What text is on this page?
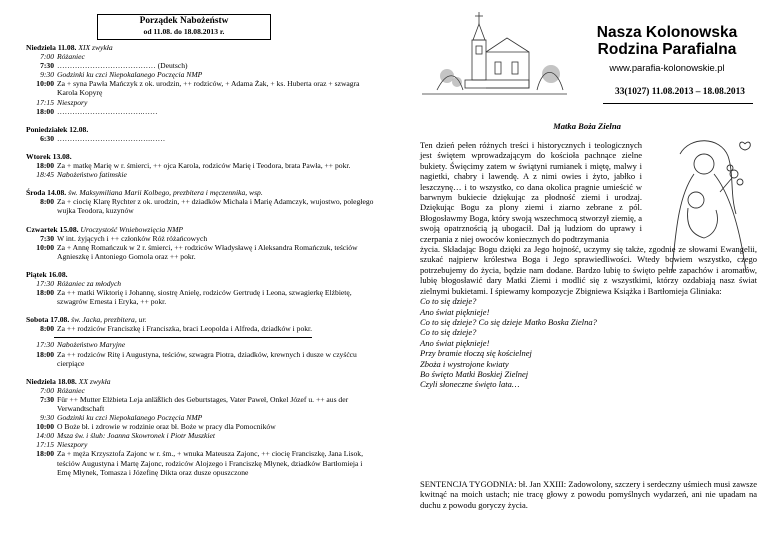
Porządek Nabożeństw
od 11.08. do 18.08.2013 r.
Niedziela 11.08. XIX zwykła
7:00 Różaniec
7:30 ………………………………… (Deutsch)
9:30 Godzinki ku czci Niepokalanego Poczęcia NMP
10:00 Za + syna Pawła Mańczyk z ok. urodzin, ++ rodziców, + Adama Żak, + ks. Huberta oraz + szwagra Karola Kopyrę
17:15 Nieszpory
18:00 …………………………….……
Poniedziałek 12.08.
6:30 ……………………………….……
Wtorek 13.08.
18:00 Za + matkę Marię w r. śmierci, ++ ojca Karola, rodziców Marię i Teodora, brata Pawła, ++ pokr.
18:45 Nabożeństwo fatimskie
Środa 14.08. św. Maksymiliana Marii Kolbego, prezbitera i męczennika, wsp.
8:00 Za + ciocię Klarę Rychter z ok. urodzin, ++ dziadków Michała i Marię Adamczyk, wujostwo, poległego wujka Teodora, kuzynów
Czwartek 15.08. Uroczystość Wniebowzięcia NMP
7:30 W int. żyjących i ++ członków Róż różańcowych
10:00 Za + Annę Romańczuk w 2 r. śmierci, ++ rodziców Władysławę i Aleksandra Romańczuk, teściów Agnieszkę i Antoniego Gomola oraz ++ pokr.
Piątek 16.08.
17:30 Różaniec za młodych
18:00 Za ++ matki Wiktorię i Johannę, siostrę Anielę, rodziców Gertrudę i Leona, szwagierkę Elżbietę, szwagrów Ernesta i Eryka, ++ pokr.
Sobota 17.08. św. Jacka, prezbitera, ur.
8:00 Za ++ rodziców Franciszkę i Franciszka, braci Leopolda i Alfreda, dziadków i pokr.
17:30 Nabożeństwo Maryjne
18:00 Za ++ rodziców Ritę i Augustyna, teściów, szwagra Piotra, dziadków, krewnych i dusze w czyśćcu cierpiące
Niedziela 18.08. XX zwykła
7:00 Różaniec
7:30 Für ++ Mutter Elżbieta Leja anläßlich des Geburtstages, Vater Paweł, Onkel Józef u. ++ aus der Verwandtschaft
9:30 Godzinki ku czci Niepokalanego Poczęcia NMP
10:00 O Boże bł. i zdrowie w rodzinie oraz bł. Boże w pracy dla Pomocników
14:00 Msza św. i ślub: Joanna Skowronek i Piotr Muszkiet
17:15 Nieszpory
18:00 Za + męża Krzysztofa Zajonc w r. śm., + wnuka Mateusza Zajonc, ++ ciocię Franciszkę, Jana Lisok, teściów Augustyna i Martę Zajonc, rodziców Alojzego i Franciszkę Młynek, dziadków Bartłomieja i Emę Młynek, Tomasza i Józefinę Dikta oraz dusze opuszczone
Nasza Kolonowska
Rodzina Parafialna
www.parafia-kolonowskie.pl
33(1027) 11.08.2013 – 18.08.2013
Matka Boża Zielna
Ten dzień pełen różnych treści i historycznych i teologicznych jest świętem wprowadzającym do kościoła pachnące zielne bukiety. Święcimy zatem w świątyni rumianek i miętę, malwy i nagietki, chabry i lawendę. A z nimi owies i żyto, jabłko i leszczynę… i to wszystko, co dana okolica pragnie umieścić w barwnym bukiecie dziękując za płodność ziemi i urodzaj. Dziękując Bogu za plony ziemi i ziarno zebrane z pól. Błogosławmy Boga, który swoją wszechmocą stworzył ziemię, a swoją opatrznością ją ubogacił. Dał ją ludziom do uprawy i czerpania z niej owoców koniecznych do podtrzymania
życia. Składając Bogu dzięki za Jego hojność, uczymy się także, zgodnie ze słowami Ewangelii, szukać najpierw królestwa Boga i Jego sprawiedliwości. Wtedy bowiem wszystko, czego potrzebujemy do życia, będzie nam dodane. Bardzo lubię to święto pełne zapachów i aromatów, lubię błogosławić dary Matki Ziemi i modlić się z wszystkimi, którzy ozdabiają nasz świat zielnymi bukietami. I śpiewamy kompozycje Zbigniewa Książka i Bartłomieja Gliniaka:
Co to się dzieje?
Ano świat pięknieje!
Co to się dzieje? Co się dzieje Matko Boska Zielna?
Co to się dzieje?
Ano świat pięknieje!
Przy bramie tłoczą się kościelnej
Zboża i wystrojone kwiaty
Bo święto Matki Boskiej Zielnej
Czyli słoneczne święto lata…
SENTENCJA TYGODNIA: bł. Jan XXIII: Zadowolony, szczery i serdeczny uśmiech musi zawsze kwitnąć na moich ustach; nie tracę głowy z powodu pomyślnych wydarzeń, ani nie upadam na duchu z powodu goryczy życia.
